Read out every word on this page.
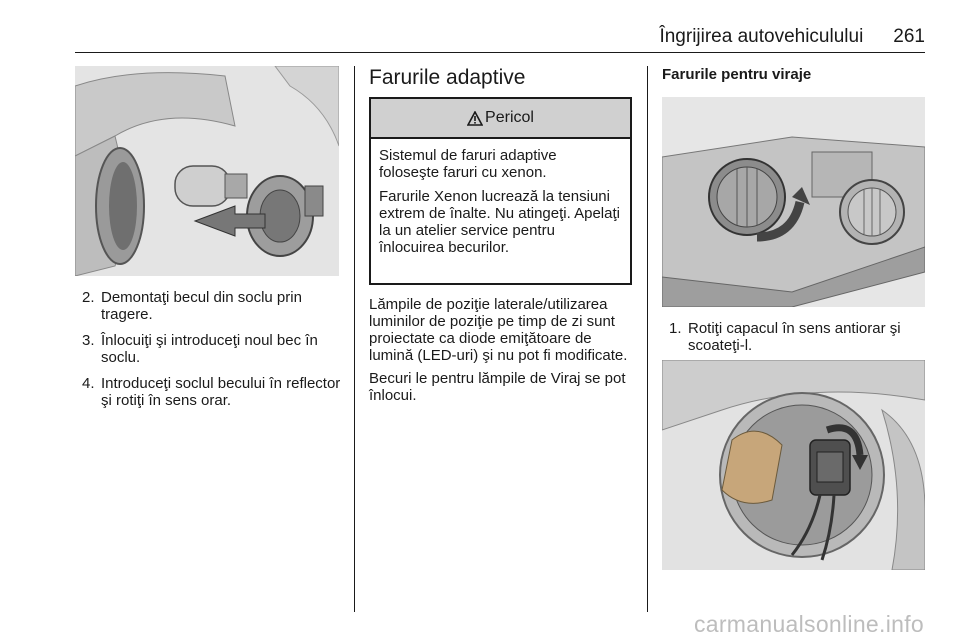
Îngrijirea autovehiculului 261
2. Demontaţi becul din soclu prin tragere.
3. Înlocuiţi şi introduceţi noul bec în soclu.
4. Introduceţi soclul becului în reflector şi rotiţi în sens orar.
Farurile adaptive
Pericol

Sistemul de faruri adaptive foloseşte faruri cu xenon.

Farurile Xenon lucrează la tensiuni extrem de înalte. Nu atingeţi. Apelaţi la un atelier service pentru înlocuirea becurilor.

Lămpile de poziţie laterale/utilizarea luminilor de poziţie pe timp de zi sunt proiectate ca diode emiţătoare de lumină (LED-uri) şi nu pot fi modificate.

Becuri le pentru lămpile de Viraj se pot înlocui.

Farurile pentru viraje
1. Rotiţi capacul în sens antiorar şi scoateţi-l.
carmanualsonline.info
